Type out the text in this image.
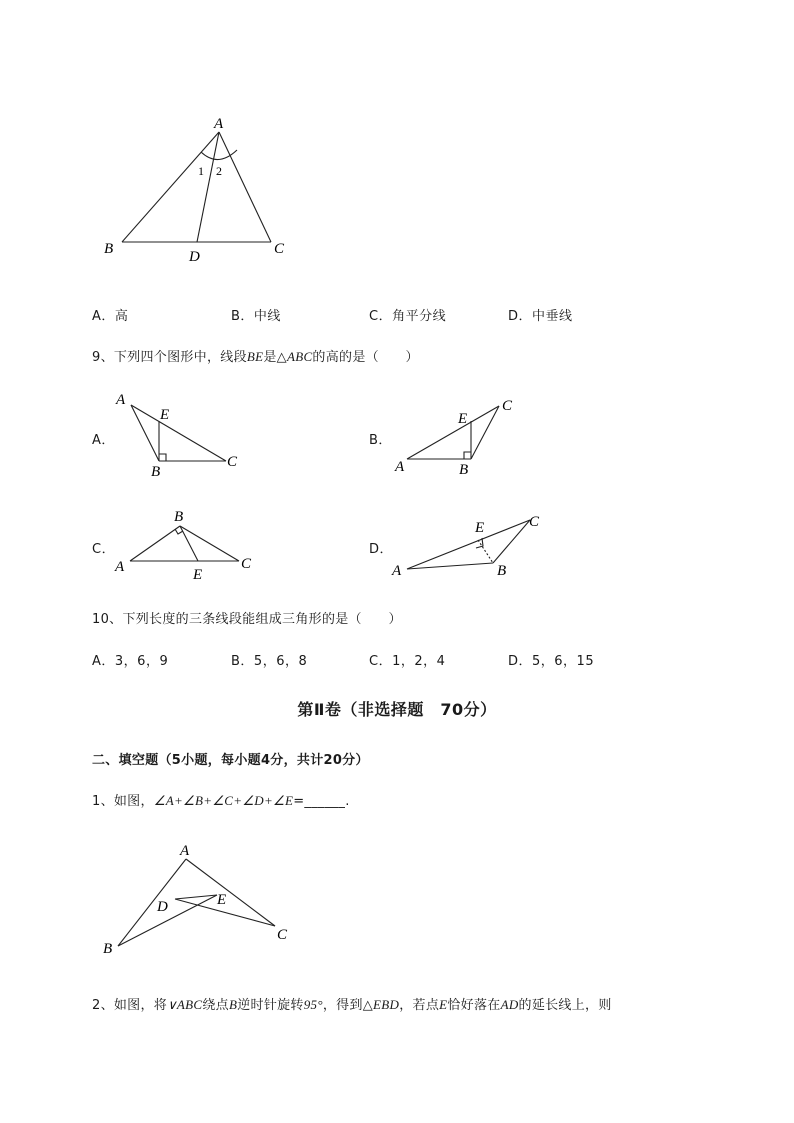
A
B	C
D
1 2
A．高	B．中线	C．角平分线	D．中垂线
9、下列四个图形中，线段BE是△ABC的高的是（　　）
A．	B．
C．	D．
A
E
B
C	A
E
B
C
A
B
C
E	A
E
B
C
10、下列长度的三条线段能组成三角形的是（　　）
A．3，6，9	B．5，6，8	C．1，2，4	D．5，6，15
第Ⅱ卷（非选择题　70分）
二、填空题（5小题，每小题4分，共计20分）
1、如图，∠A+∠B+∠C+∠D+∠E=______.
A
B
C
D	E
2、如图，将∨ABC绕点B逆时针旋转95°，得到△EBD，若点E恰好落在AD的延长线上，则
